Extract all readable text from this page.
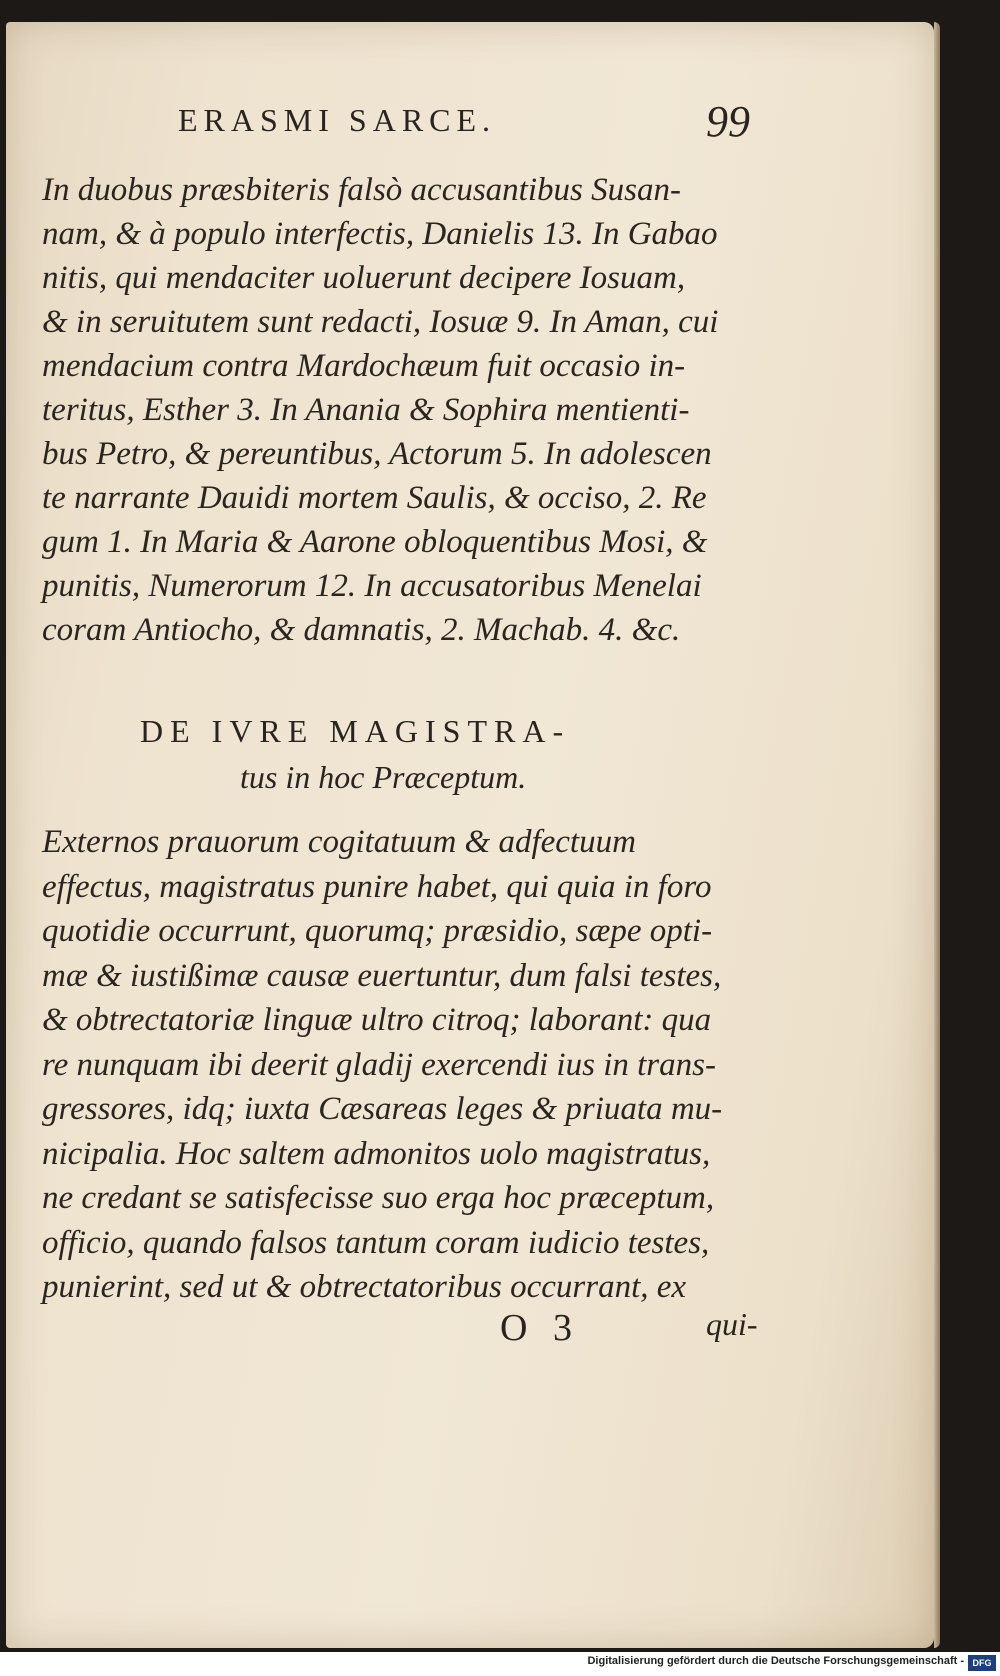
ERASMI SARCE.	99
In duobus præsbiteris falsò accusantibus Susan-
nam, & à populo interfectis, Danielis 13. In Gabao
nitis, qui mendaciter uoluerunt decipere Iosuam,
& in seruitutem sunt redacti, Iosuæ 9. In Aman, cui
mendacium contra Mardochæum fuit occasio in-
teritus, Esther 3. In Anania & Sophira mentienti-
bus Petro, & pereuntibus, Actorum 5. In adolescen
te narrante Dauidi mortem Saulis, & occiso, 2. Re
gum 1. In Maria & Aarone obloquentibus Mosi, &
punitis, Numerorum 12. In accusatoribus Menelai
coram Antiocho, & damnatis, 2. Machab. 4. &c.
DE IVRE MAGISTRA-
tus in hoc Præceptum.
Externos prauorum cogitatuum & adfectuum
effectus, magistratus punire habet, qui quia in foro
quotidie occurrunt, quorumq; præsidio, sæpe opti-
mæ & iustißimæ causæ euertuntur, dum falsi testes,
& obtrectatoriæ linguæ ultro citroq; laborant: qua
re nunquam ibi deerit gladij exercendi ius in trans-
gressores, idq; iuxta Cæsareas leges & priuata mu-
nicipalia. Hoc saltem admonitos uolo magistratus,
ne credant se satisfecisse suo erga hoc præceptum,
officio, quando falsos tantum coram iudicio testes,
punierint, sed ut & obtrectatoribus occurrant, ex
O 3	qui-
Digitalisierung gefördert durch die Deutsche Forschungsgemeinschaft - DFG
